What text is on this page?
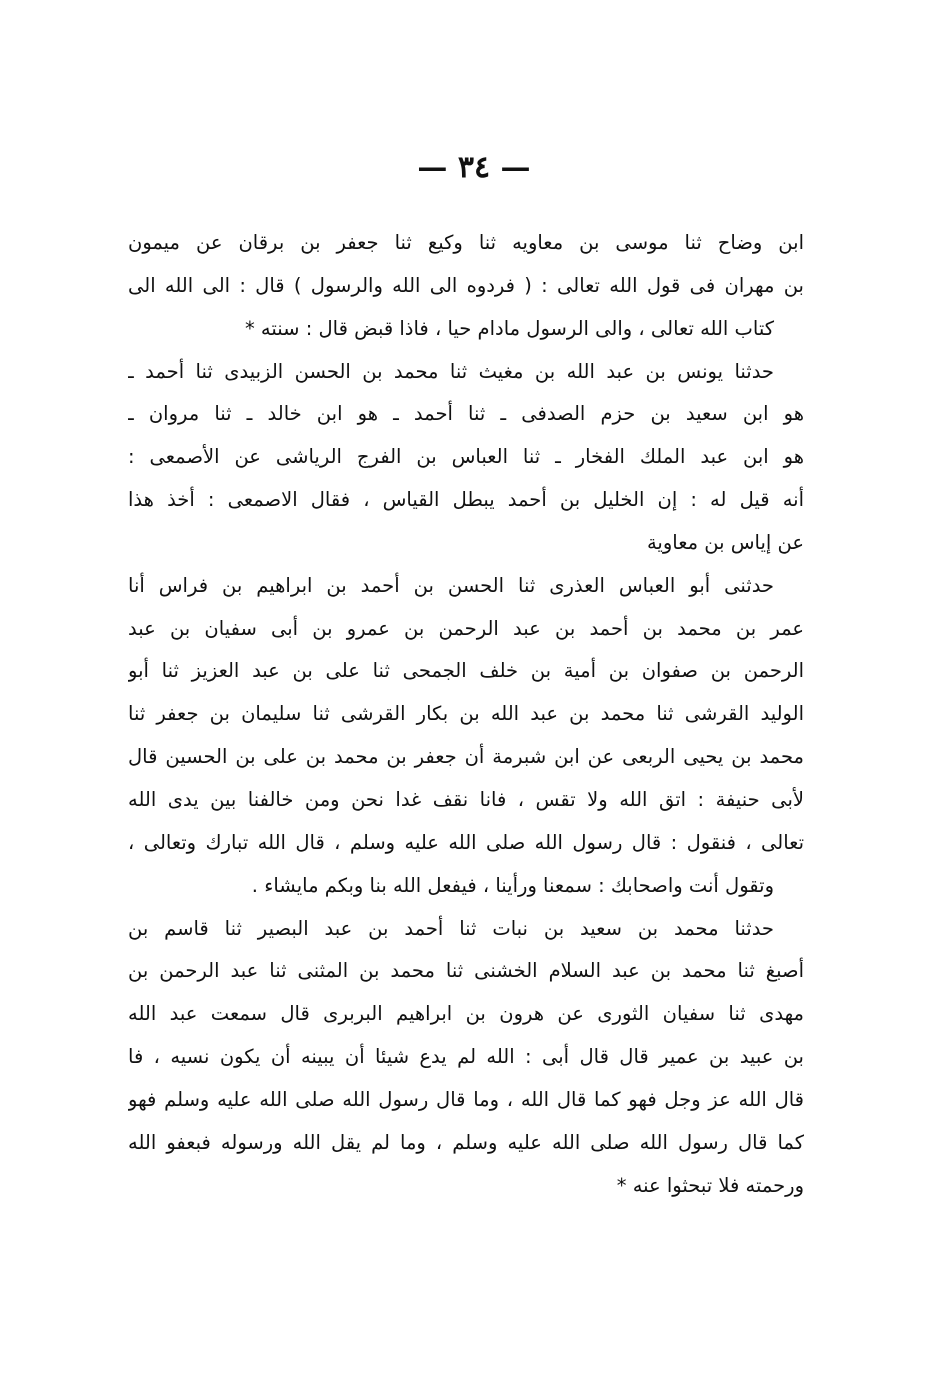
— ٣٤ —

ابن وضاح ثنا موسى بن معاويه ثنا وكيع ثنا جعفر بن برقان عن ميمون
بن مهران فى قول الله تعالى : ( فردوه الى الله والرسول ) قال : الى الله الى
كتاب الله تعالى ، والى الرسول مادام حيا ، فاذا قبض قال : سنته *
حدثنا يونس بن عبد الله بن مغيث ثنا محمد بن الحسن الزبيدى ثنا أحمد ـ
هو ابن سعيد بن حزم الصدفى ـ ثنا أحمد ـ هو ابن خالد ـ ثنا مروان ـ
هو ابن عبد الملك الفخار ـ ثنا العباس بن الفرج الرياشى عن الأصمعى :
أنه قيل له : إن الخليل بن أحمد يبطل القياس ، فقال الاصمعى : أخذ هذا
عن إياس بن معاوية
حدثنى أبو العباس العذرى ثنا الحسن بن أحمد بن ابراهيم بن فراس أنا
عمر بن محمد بن أحمد بن عبد الرحمن بن عمرو بن أبى سفيان بن عبد
الرحمن بن صفوان بن أمية بن خلف الجمحى ثنا على بن عبد العزيز ثنا أبو
الوليد القرشى ثنا محمد بن عبد الله بن بكار القرشى ثنا سليمان بن جعفر ثنا
محمد بن يحيى الربعى عن ابن شبرمة أن جعفر بن محمد بن على بن الحسين قال
لأبى حنيفة : اتق الله ولا تقس ، فانا نقف غدا نحن ومن خالفنا بين يدى الله
تعالى ، فنقول : قال رسول الله صلى الله عليه وسلم ، قال الله تبارك وتعالى ،
وتقول أنت واصحابك : سمعنا ورأينا ، فيفعل الله بنا وبكم مايشاء .
حدثنا محمد بن سعيد بن نبات ثنا أحمد بن عبد البصير ثنا قاسم بن
أصبغ ثنا محمد بن عبد السلام الخشنى ثنا محمد بن المثنى ثنا عبد الرحمن بن
مهدى ثنا سفيان الثورى عن هرون بن ابراهيم البربرى قال سمعت عبد الله
بن عبيد بن عمير قال قال أبى : الله لم يدع شيئا أن يبينه أن يكون نسيه ، فا
قال الله عز وجل فهو كما قال الله ، وما قال رسول الله صلى الله عليه وسلم فهو
كما قال رسول الله صلى الله عليه وسلم ، وما لم يقل الله ورسوله فبعفو الله
ورحمته فلا تبحثوا عنه *
